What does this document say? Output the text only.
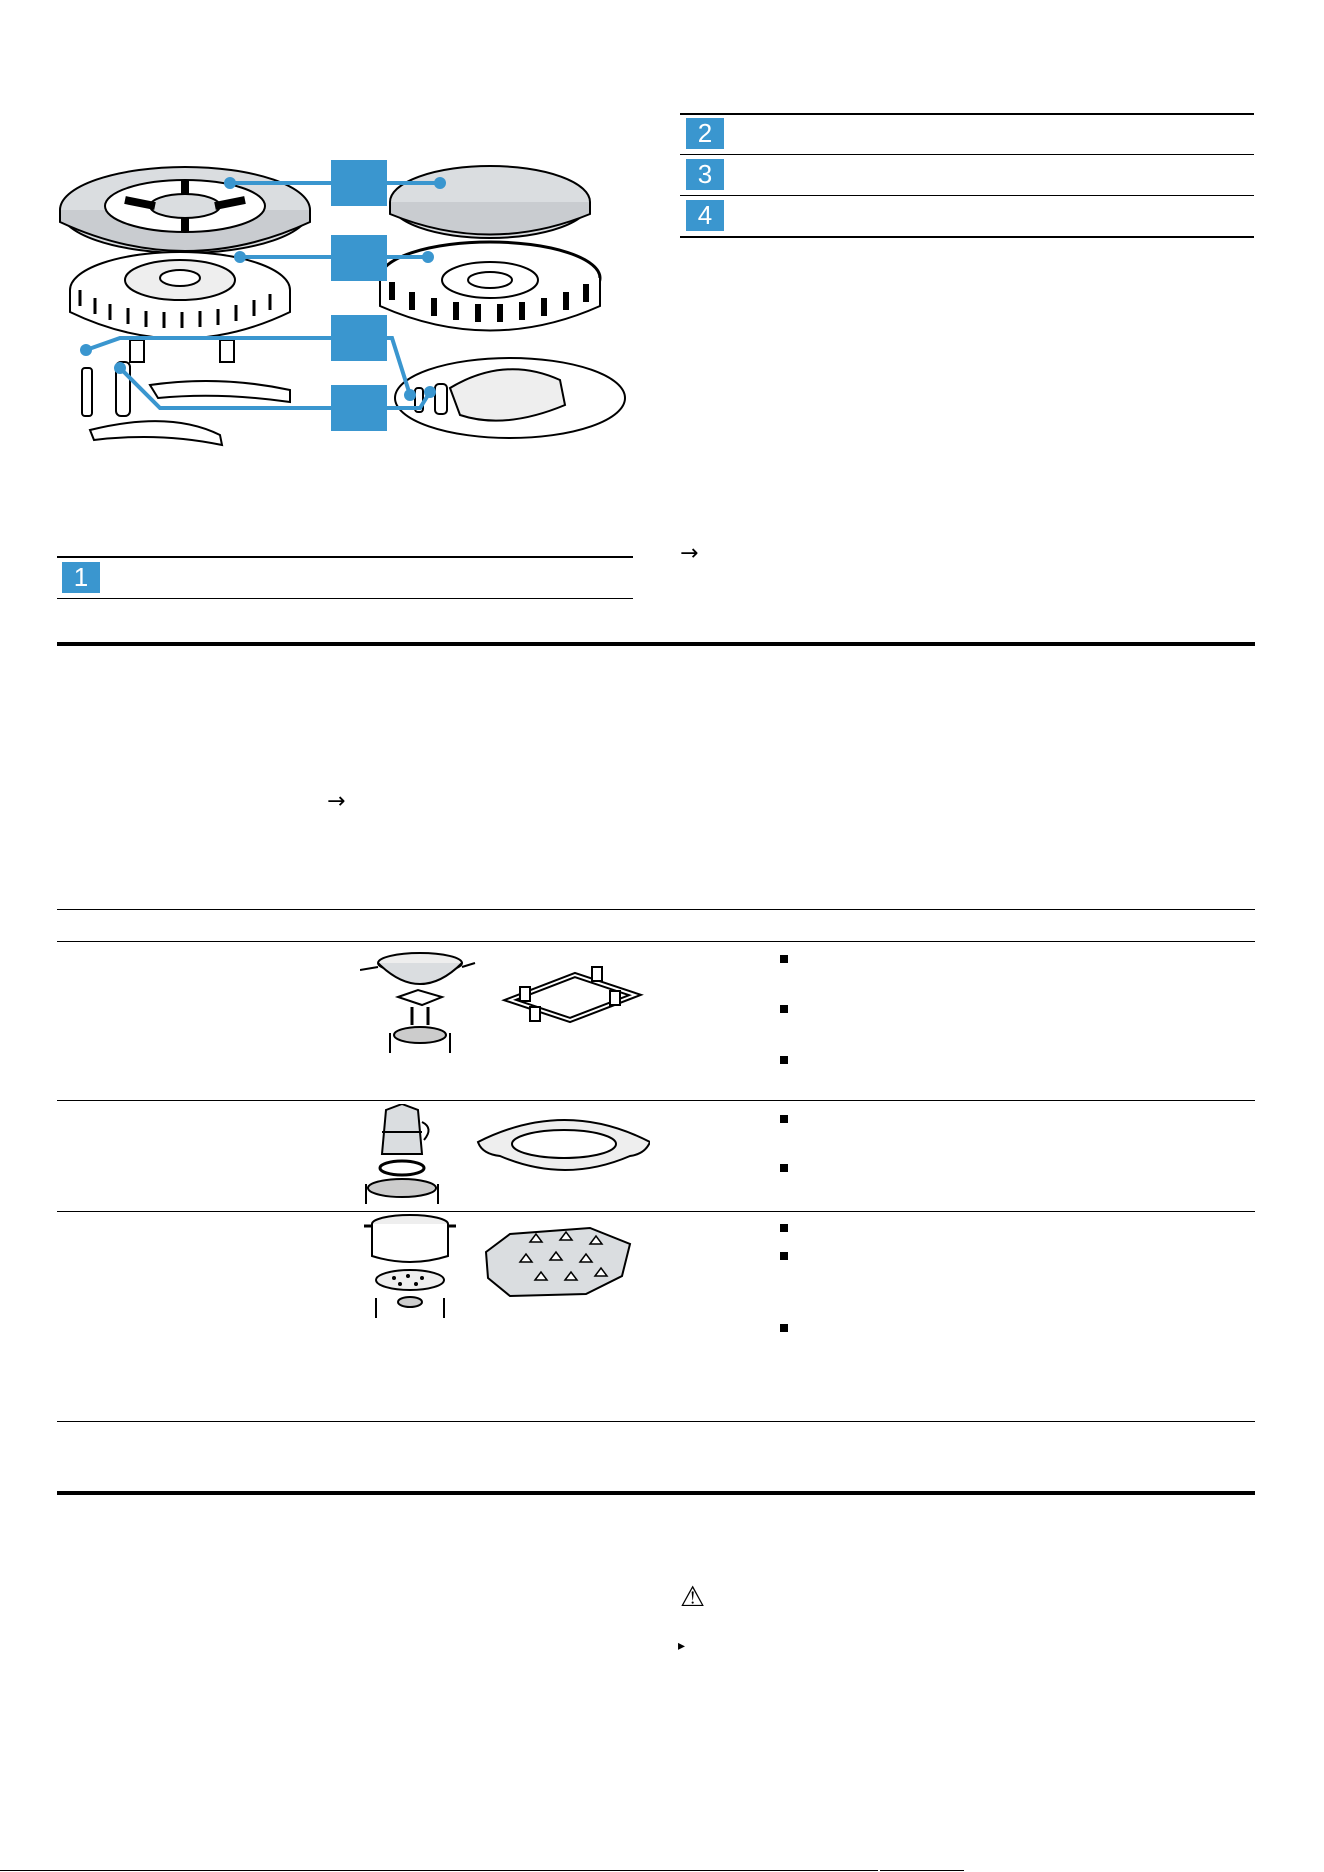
2
3
4
→
1
→
⚠
▸
